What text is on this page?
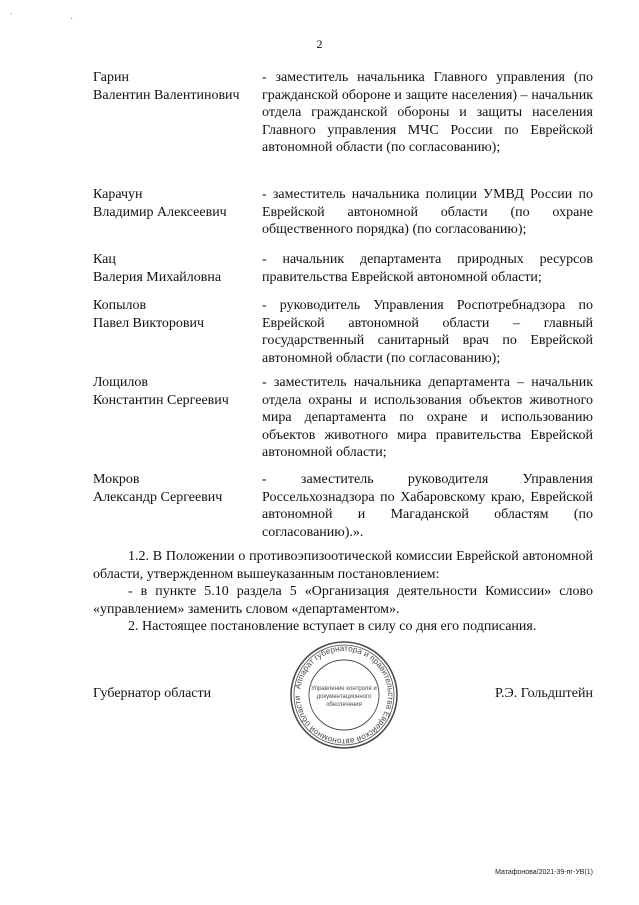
` .
2
Гарин
Валентин Валентинович
- заместитель начальника Главного управления (по гражданской обороне и защите населения) – начальник отдела гражданской обороны и защиты населения Главного управления МЧС России по Еврейской автономной области (по согласованию);
Карачун
Владимир Алексеевич
- заместитель начальника полиции УМВД России по Еврейской автономной области (по охране общественного порядка) (по согласованию);
Кац
Валерия Михайловна
- начальник департамента природных ресурсов правительства Еврейской автономной области;
Копылов
Павел Викторович
- руководитель Управления Роспотребнадзора по Еврейской автономной области – главный государственный санитарный врач по Еврейской автономной области (по согласованию);
Лощилов
Константин Сергеевич
- заместитель начальника департамента – начальник отдела охраны и использования объектов животного мира департамента по охране и использованию объектов животного мира правительства Еврейской автономной области;
Мокров
Александр Сергеевич
- заместитель руководителя Управления Россельхознадзора по Хабаровскому краю, Еврейской автономной и Магаданской областям (по согласованию).».
1.2. В Положении о противоэпизоотической комиссии Еврейской автономной области, утвержденном вышеуказанным постановлением:
- в пункте 5.10 раздела 5 «Организация деятельности Комиссии» слово «управлением» заменить словом «департаментом».
2. Настоящее постановление вступает в силу со дня его подписания.
Губернатор области	Аппарат губернатора и правительства Еврейской автономной области
Управление контроля и
документационного
обеспечения
Р.Э. Гольдштейн
Матафонова/2021-39-пг-УВ(1)
